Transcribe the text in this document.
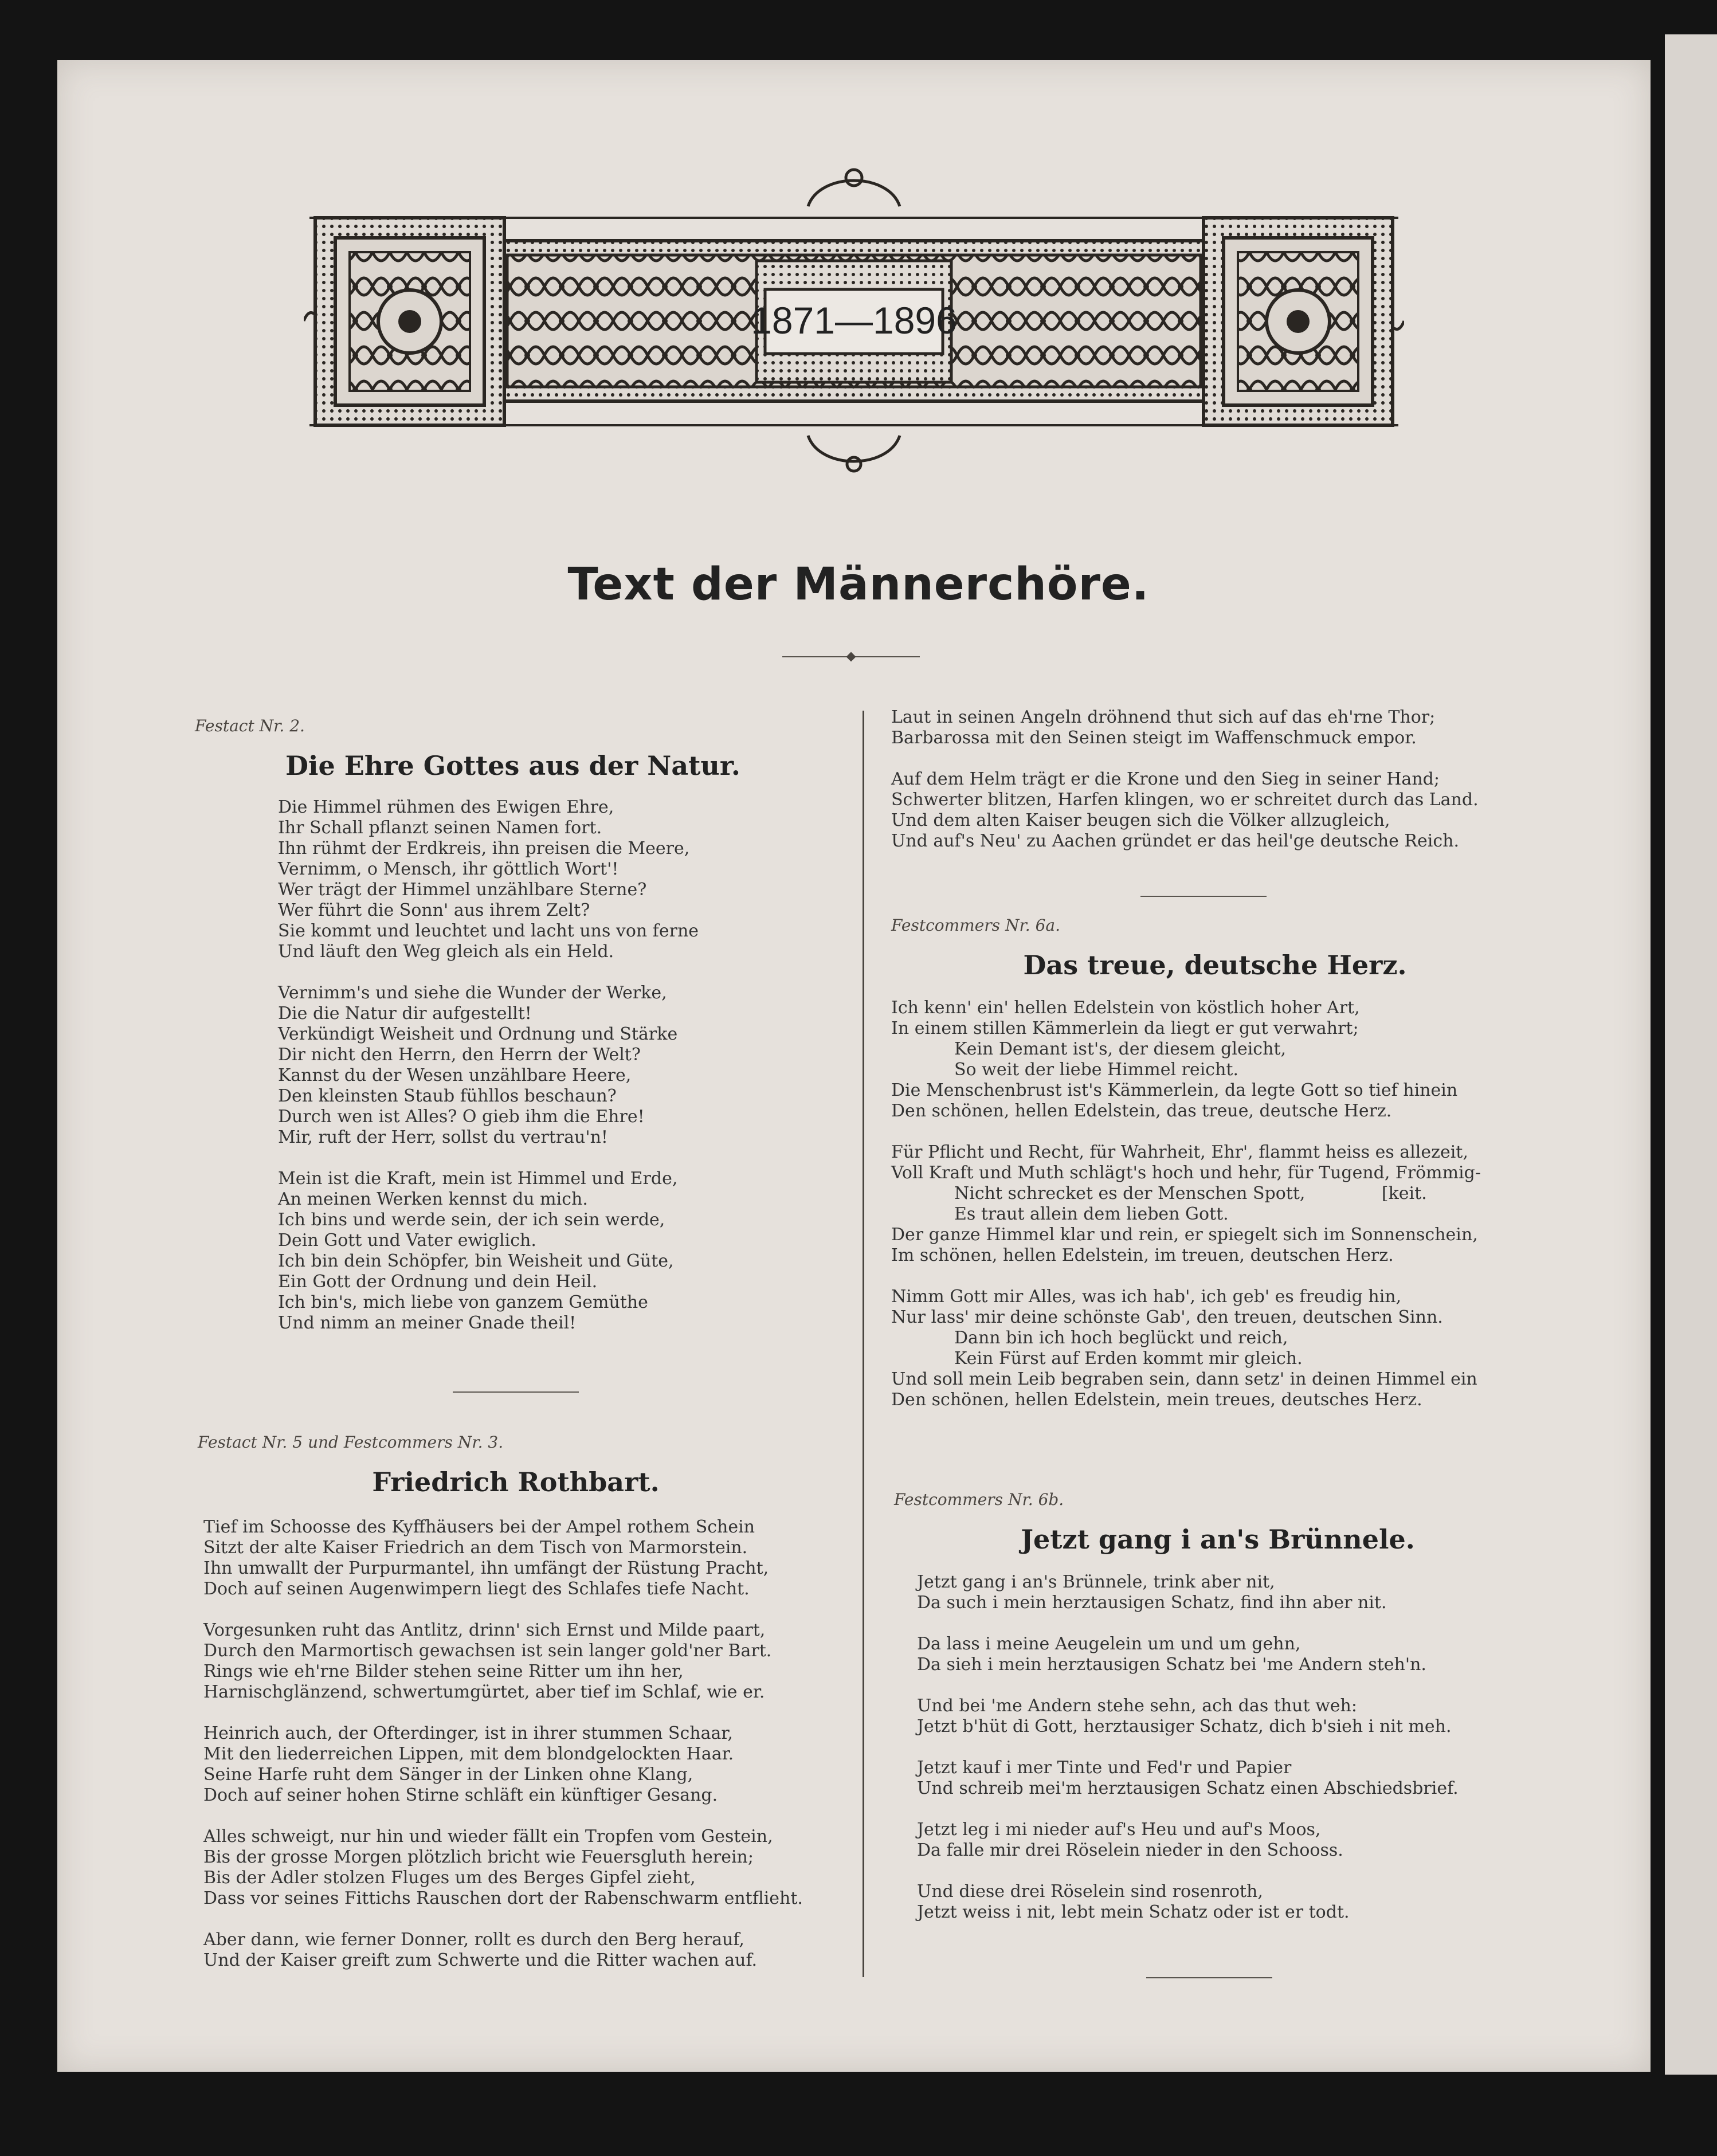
1871—1896
Text der Männerchöre.

Festact Nr. 2.

Die Ehre Gottes aus der Natur.

Die Himmel rühmen des Ewigen Ehre,
Ihr Schall pflanzt seinen Namen fort.
Ihn rühmt der Erdkreis, ihn preisen die Meere,
Vernimm, o Mensch, ihr göttlich Wort'!
Wer trägt der Himmel unzählbare Sterne?
Wer führt die Sonn' aus ihrem Zelt?
Sie kommt und leuchtet und lacht uns von ferne
Und läuft den Weg gleich als ein Held.
Vernimm's und siehe die Wunder der Werke,
Die die Natur dir aufgestellt!
Verkündigt Weisheit und Ordnung und Stärke
Dir nicht den Herrn, den Herrn der Welt?
Kannst du der Wesen unzählbare Heere,
Den kleinsten Staub fühllos beschaun?
Durch wen ist Alles? O gieb ihm die Ehre!
Mir, ruft der Herr, sollst du vertrau'n!
Mein ist die Kraft, mein ist Himmel und Erde,
An meinen Werken kennst du mich.
Ich bins und werde sein, der ich sein werde,
Dein Gott und Vater ewiglich.
Ich bin dein Schöpfer, bin Weisheit und Güte,
Ein Gott der Ordnung und dein Heil.
Ich bin's, mich liebe von ganzem Gemüthe
Und nimm an meiner Gnade theil!

Festact Nr. 5 und Festcommers Nr. 3.

Friedrich Rothbart.

Tief im Schoosse des Kyffhäusers bei der Ampel rothem Schein
Sitzt der alte Kaiser Friedrich an dem Tisch von Marmorstein.
Ihn umwallt der Purpurmantel, ihn umfängt der Rüstung Pracht,
Doch auf seinen Augenwimpern liegt des Schlafes tiefe Nacht.
Vorgesunken ruht das Antlitz, drinn' sich Ernst und Milde paart,
Durch den Marmortisch gewachsen ist sein langer gold'ner Bart.
Rings wie eh'rne Bilder stehen seine Ritter um ihn her,
Harnischglänzend, schwertumgürtet, aber tief im Schlaf, wie er.
Heinrich auch, der Ofterdinger, ist in ihrer stummen Schaar,
Mit den liederreichen Lippen, mit dem blondgelockten Haar.
Seine Harfe ruht dem Sänger in der Linken ohne Klang,
Doch auf seiner hohen Stirne schläft ein künftiger Gesang.
Alles schweigt, nur hin und wieder fällt ein Tropfen vom Gestein,
Bis der grosse Morgen plötzlich bricht wie Feuersgluth herein;
Bis der Adler stolzen Fluges um des Berges Gipfel zieht,
Dass vor seines Fittichs Rauschen dort der Rabenschwarm entflieht.
Aber dann, wie ferner Donner, rollt es durch den Berg herauf,
Und der Kaiser greift zum Schwerte und die Ritter wachen auf.
Laut in seinen Angeln dröhnend thut sich auf das eh'rne Thor;
Barbarossa mit den Seinen steigt im Waffenschmuck empor.
Auf dem Helm trägt er die Krone und den Sieg in seiner Hand;
Schwerter blitzen, Harfen klingen, wo er schreitet durch das Land.
Und dem alten Kaiser beugen sich die Völker allzugleich,
Und auf's Neu' zu Aachen gründet er das heil'ge deutsche Reich.

Festcommers Nr. 6a.

Das treue, deutsche Herz.

Ich kenn' ein' hellen Edelstein von köstlich hoher Art,
In einem stillen Kämmerlein da liegt er gut verwahrt;
Kein Demant ist's, der diesem gleicht,
So weit der liebe Himmel reicht.
Die Menschenbrust ist's Kämmerlein, da legte Gott so tief hinein
Den schönen, hellen Edelstein, das treue, deutsche Herz.
Für Pflicht und Recht, für Wahrheit, Ehr', flammt heiss es allezeit,
Voll Kraft und Muth schlägt's hoch und hehr, für Tugend, Frömmig-
Nicht schrecket es der Menschen Spott,              [keit.
Es traut allein dem lieben Gott.
Der ganze Himmel klar und rein, er spiegelt sich im Sonnenschein,
Im schönen, hellen Edelstein, im treuen, deutschen Herz.
Nimm Gott mir Alles, was ich hab', ich geb' es freudig hin,
Nur lass' mir deine schönste Gab', den treuen, deutschen Sinn.
Dann bin ich hoch beglückt und reich,
Kein Fürst auf Erden kommt mir gleich.
Und soll mein Leib begraben sein, dann setz' in deinen Himmel ein
Den schönen, hellen Edelstein, mein treues, deutsches Herz.

Festcommers Nr. 6b.

Jetzt gang i an's Brünnele.

Jetzt gang i an's Brünnele, trink aber nit,
Da such i mein herztausigen Schatz, find ihn aber nit.
Da lass i meine Aeugelein um und um gehn,
Da sieh i mein herztausigen Schatz bei 'me Andern steh'n.
Und bei 'me Andern stehe sehn, ach das thut weh:
Jetzt b'hüt di Gott, herztausiger Schatz, dich b'sieh i nit meh.
Jetzt kauf i mer Tinte und Fed'r und Papier
Und schreib mei'm herztausigen Schatz einen Abschiedsbrief.
Jetzt leg i mi nieder auf's Heu und auf's Moos,
Da falle mir drei Röselein nieder in den Schooss.
Und diese drei Röselein sind rosenroth,
Jetzt weiss i nit, lebt mein Schatz oder ist er todt.
